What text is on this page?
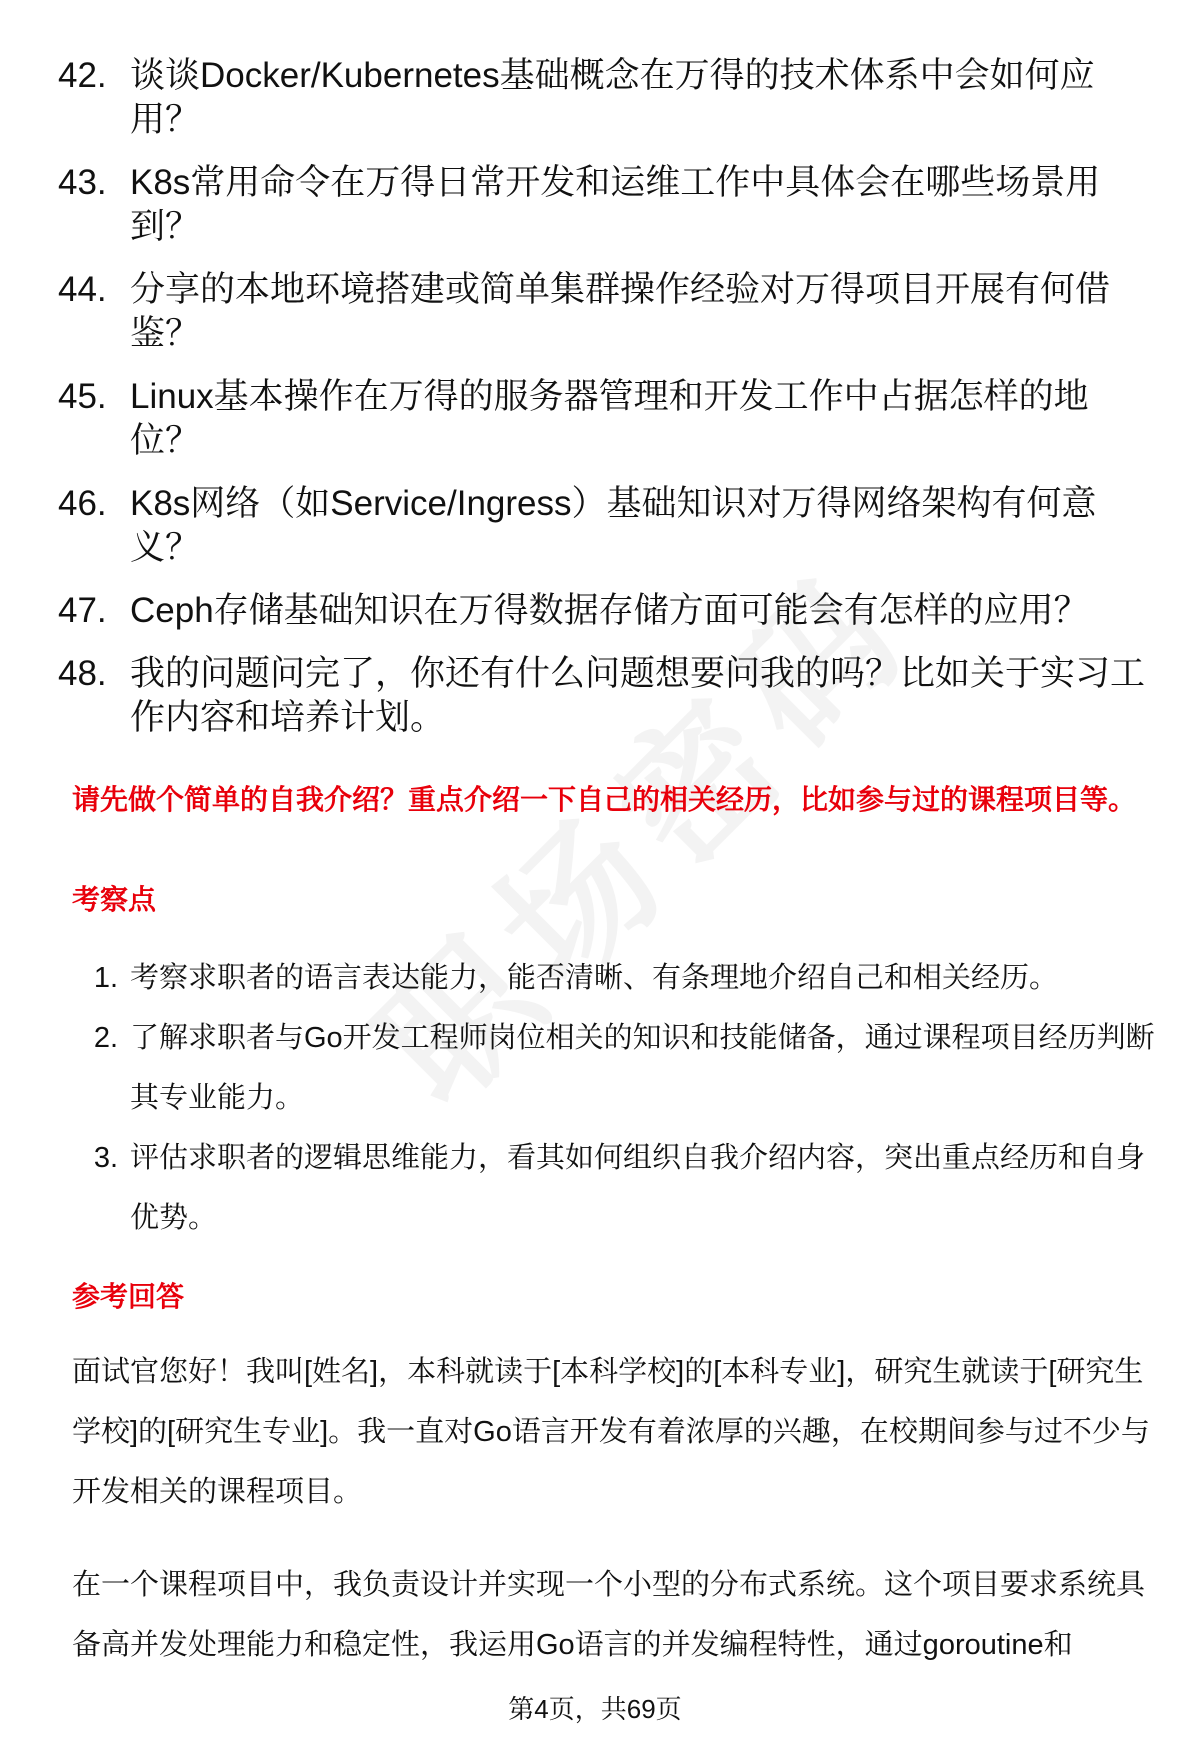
42. 谈谈Docker/Kubernetes基础概念在万得的技术体系中会如何应用？
43. K8s常用命令在万得日常开发和运维工作中具体会在哪些场景用到？
44. 分享的本地环境搭建或简单集群操作经验对万得项目开展有何借鉴？
45. Linux基本操作在万得的服务器管理和开发工作中占据怎样的地位？
46. K8s网络（如Service/Ingress）基础知识对万得网络架构有何意义？
47. Ceph存储基础知识在万得数据存储方面可能会有怎样的应用？
48. 我的问题问完了，你还有什么问题想要问我的吗？比如关于实习工作内容和培养计划。
请先做个简单的自我介绍？重点介绍一下自己的相关经历，比如参与过的课程项目等。
考察点
1. 考察求职者的语言表达能力，能否清晰、有条理地介绍自己和相关经历。
2. 了解求职者与Go开发工程师岗位相关的知识和技能储备，通过课程项目经历判断其专业能力。
3. 评估求职者的逻辑思维能力，看其如何组织自我介绍内容，突出重点经历和自身优势。
参考回答
面试官您好！我叫[姓名]，本科就读于[本科学校]的[本科专业]，研究生就读于[研究生学校]的[研究生专业]。我一直对Go语言开发有着浓厚的兴趣，在校期间参与过不少与开发相关的课程项目。
在一个课程项目中，我负责设计并实现一个小型的分布式系统。这个项目要求系统具备高并发处理能力和稳定性，我运用Go语言的并发编程特性，通过goroutine和
第4页，共69页
